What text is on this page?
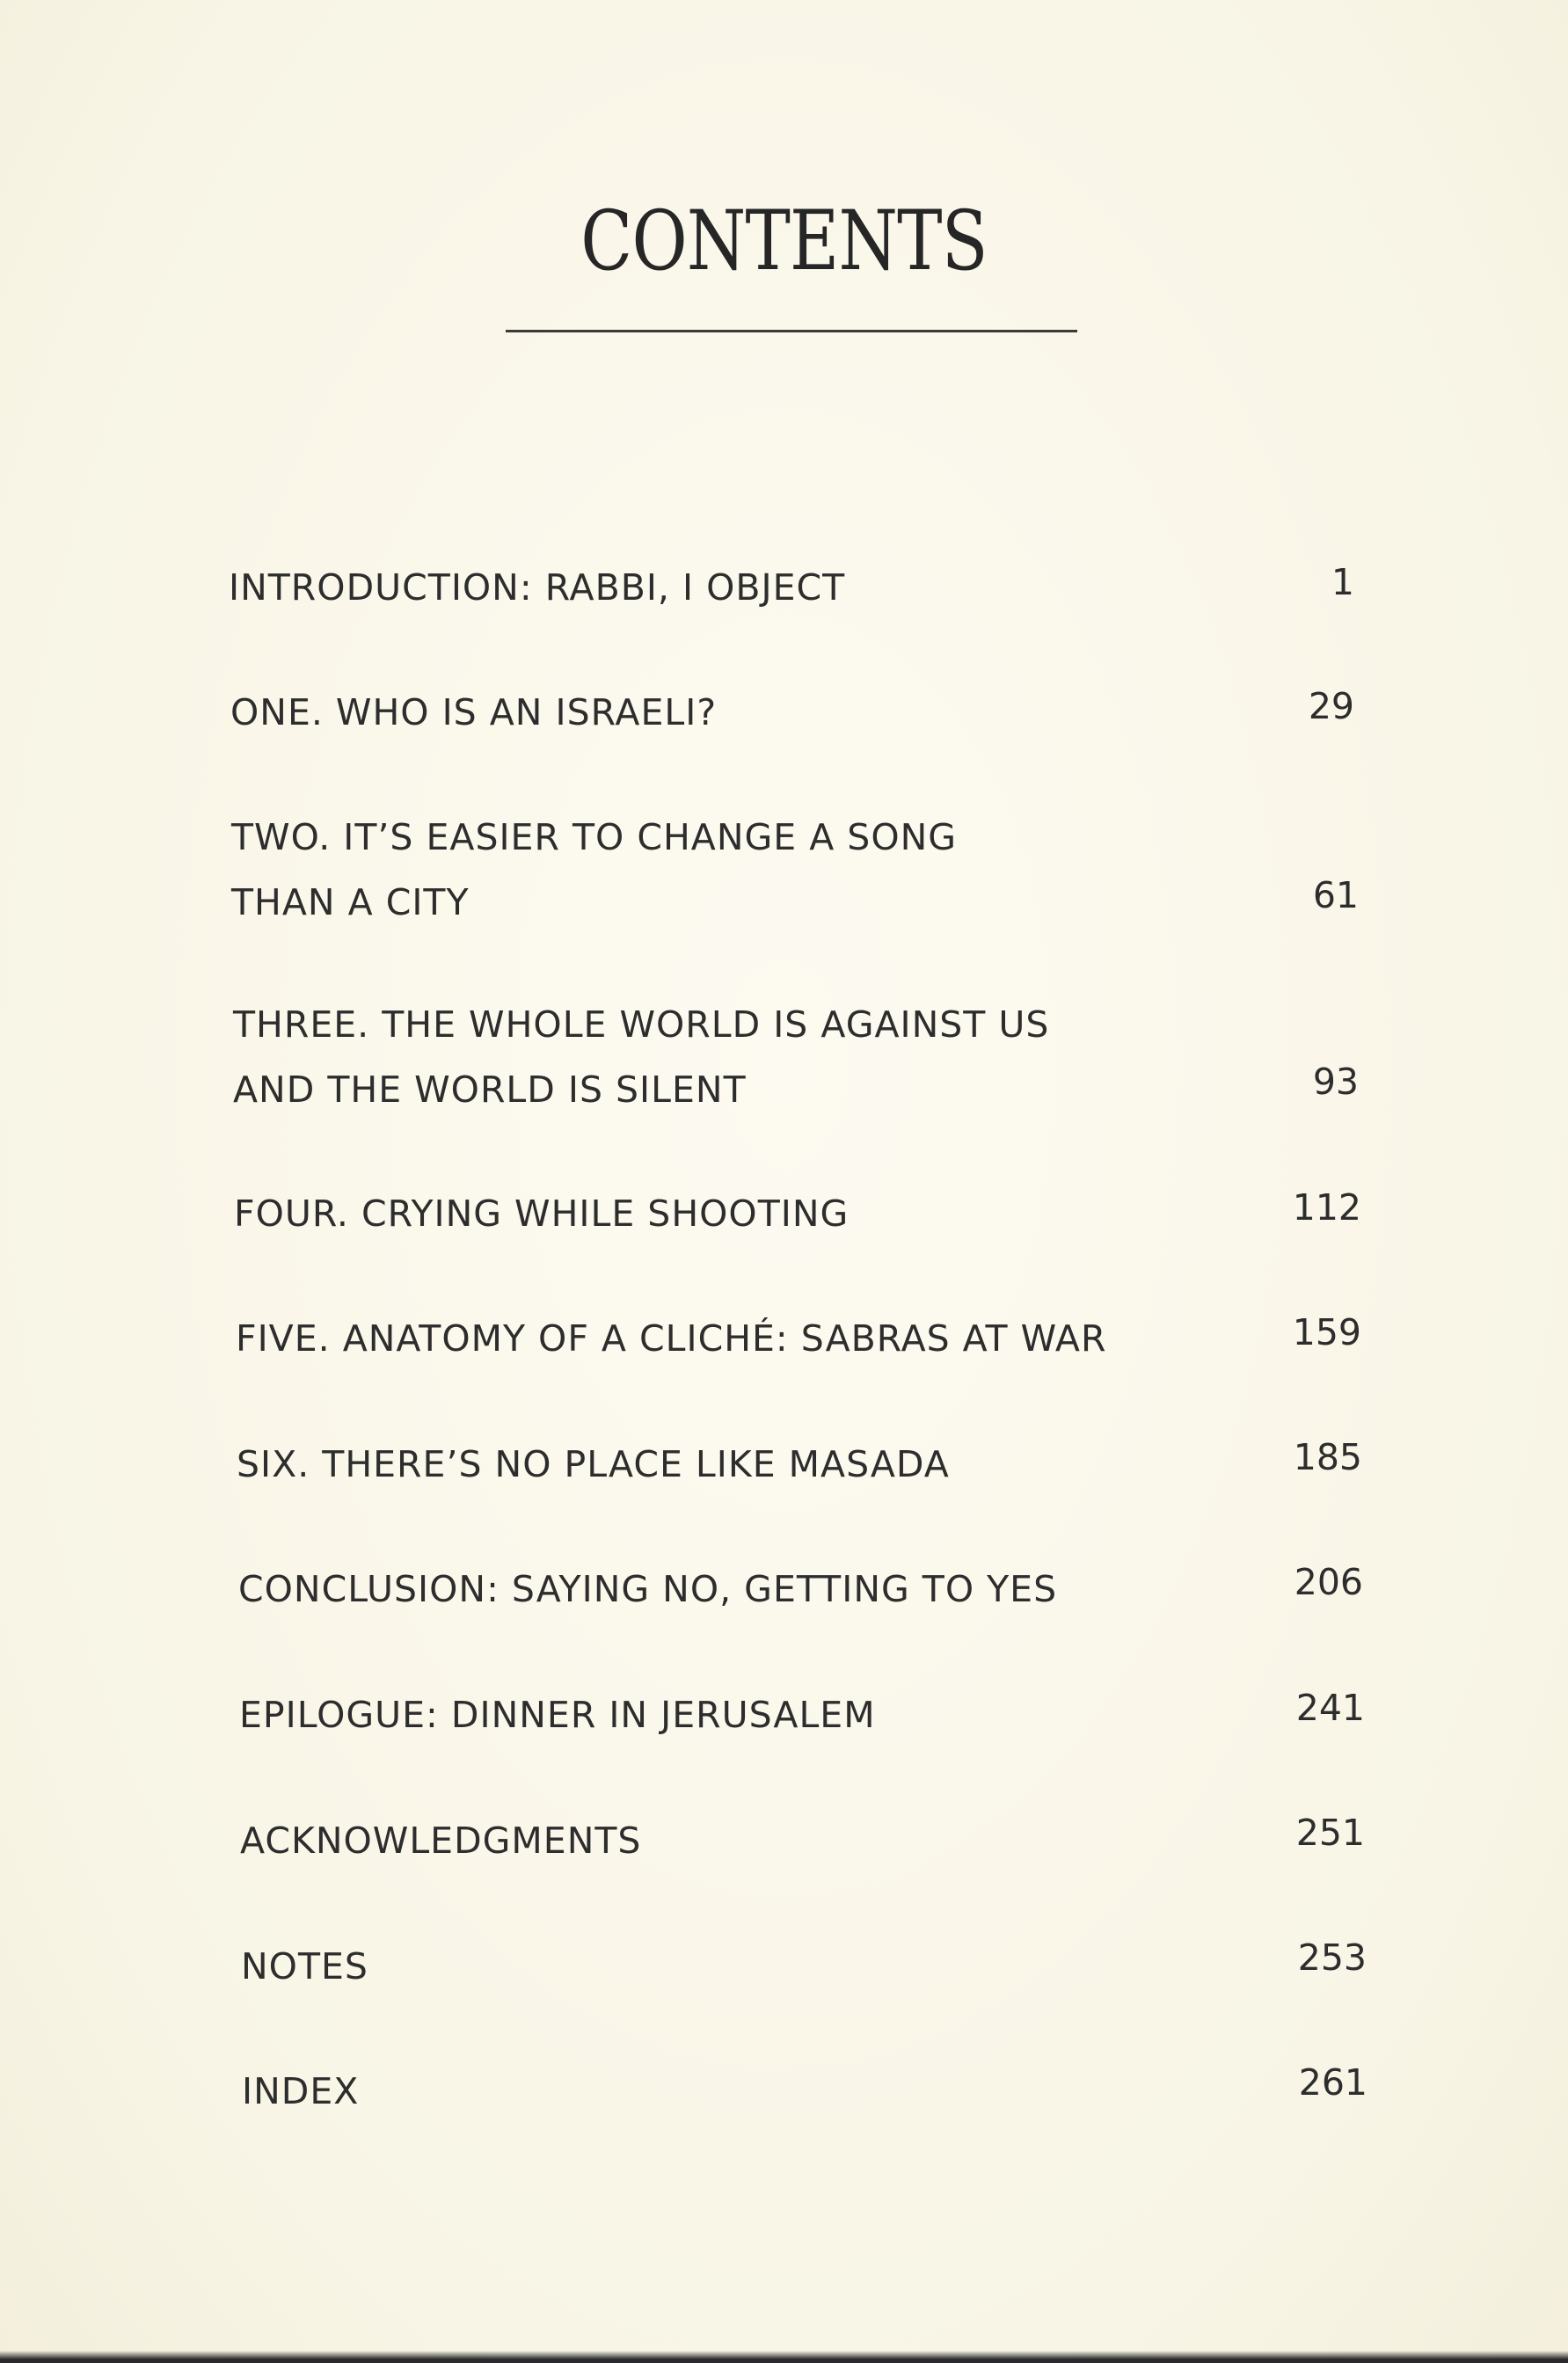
CONTENTS
INTRODUCTION: RABBI, I OBJECT	1
ONE. WHO IS AN ISRAELI?	29
TWO. IT’S EASIER TO CHANGE A SONG
THAN A CITY	61
THREE. THE WHOLE WORLD IS AGAINST US
AND THE WORLD IS SILENT	93
FOUR. CRYING WHILE SHOOTING	112
FIVE. ANATOMY OF A CLICHÉ: SABRAS AT WAR	159
SIX. THERE’S NO PLACE LIKE MASADA	185
CONCLUSION: SAYING NO, GETTING TO YES	206
EPILOGUE: DINNER IN JERUSALEM	241
ACKNOWLEDGMENTS	251
NOTES	253
INDEX	261
